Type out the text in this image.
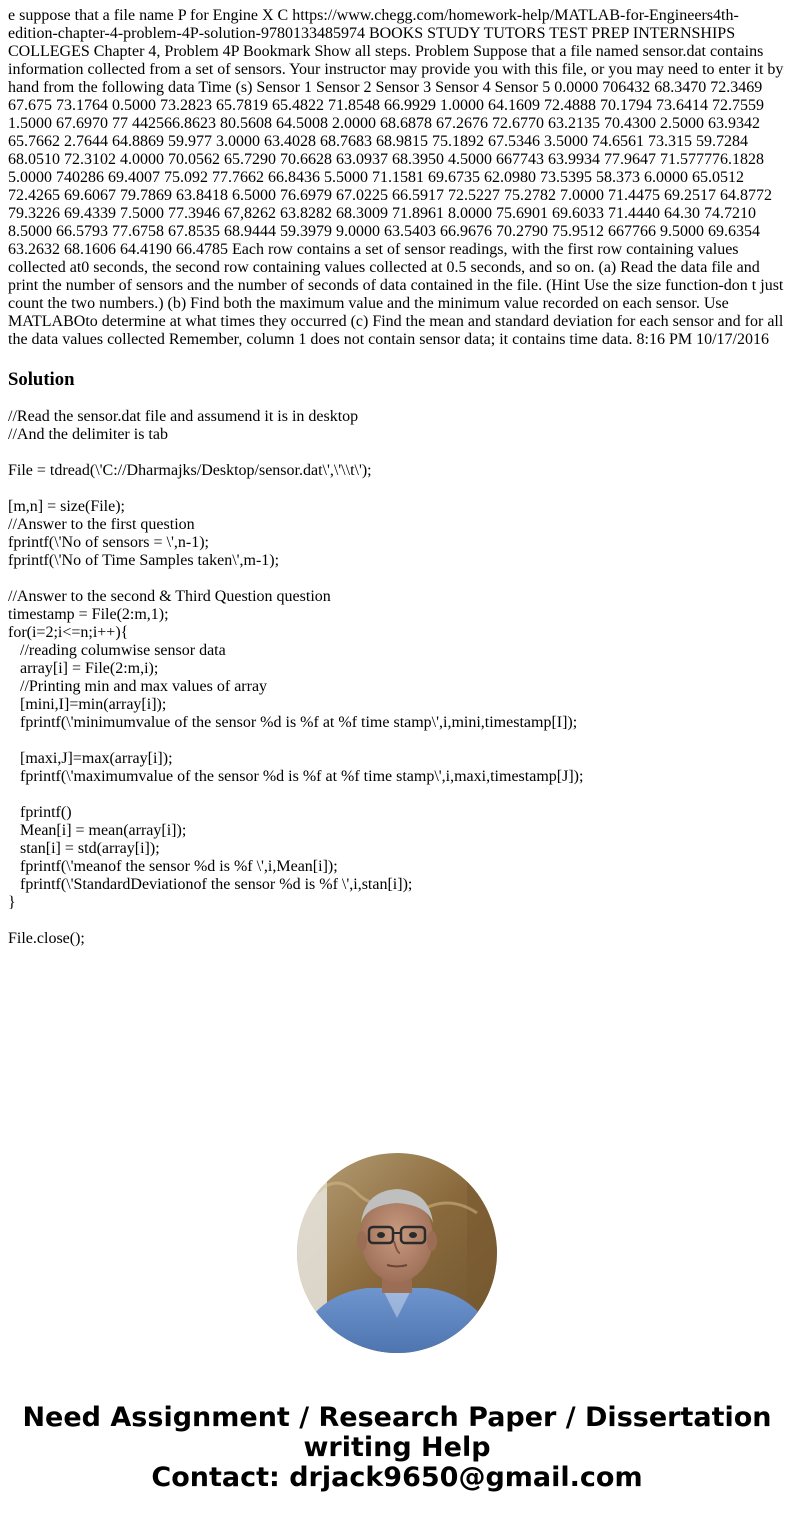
e suppose that a file name P for Engine X C https://www.chegg.com/homework-help/MATLAB-for-Engineers4th-edition-chapter-4-problem-4P-solution-9780133485974 BOOKS STUDY TUTORS TEST PREP INTERNSHIPS COLLEGES Chapter 4, Problem 4P Bookmark Show all steps. Problem Suppose that a file named sensor.dat contains information collected from a set of sensors. Your instructor may provide you with this file, or you may need to enter it by hand from the following data Time (s) Sensor 1 Sensor 2 Sensor 3 Sensor 4 Sensor 5 0.0000 706432 68.3470 72.3469 67.675 73.1764 0.5000 73.2823 65.7819 65.4822 71.8548 66.9929 1.0000 64.1609 72.4888 70.1794 73.6414 72.7559 1.5000 67.6970 77 442566.8623 80.5608 64.5008 2.0000 68.6878 67.2676 72.6770 63.2135 70.4300 2.5000 63.9342 65.7662 2.7644 64.8869 59.977 3.0000 63.4028 68.7683 68.9815 75.1892 67.5346 3.5000 74.6561 73.315 59.7284 68.0510 72.3102 4.0000 70.0562 65.7290 70.6628 63.0937 68.3950 4.5000 667743 63.9934 77.9647 71.577776.1828 5.0000 740286 69.4007 75.092 77.7662 66.8436 5.5000 71.1581 69.6735 62.0980 73.5395 58.373 6.0000 65.0512 72.4265 69.6067 79.7869 63.8418 6.5000 76.6979 67.0225 66.5917 72.5227 75.2782 7.0000 71.4475 69.2517 64.8772 79.3226 69.4339 7.5000 77.3946 67,8262 63.8282 68.3009 71.8961 8.0000 75.6901 69.6033 71.4440 64.30 74.7210 8.5000 66.5793 77.6758 67.8535 68.9444 59.3979 9.0000 63.5403 66.9676 70.2790 75.9512 667766 9.5000 69.6354 63.2632 68.1606 64.4190 66.4785 Each row contains a set of sensor readings, with the first row containing values collected at0 seconds, the second row containing values collected at 0.5 seconds, and so on. (a) Read the data file and print the number of sensors and the number of seconds of data contained in the file. (Hint Use the size function-don t just count the two numbers.) (b) Find both the maximum value and the minimum value recorded on each sensor. Use MATLABOto determine at what times they occurred (c) Find the mean and standard deviation for each sensor and for all the data values collected Remember, column 1 does not contain sensor data; it contains time data. 8:16 PM 10/17/2016

Solution
//Read the sensor.dat file and assumend it is in desktop
//And the delimiter is tab
File = tdread(\'C://Dharmajks/Desktop/sensor.dat\',\'\\t\');
[m,n] = size(File);
//Answer to the first question
fprintf(\'No of sensors = \',n-1);
fprintf(\'No of Time Samples taken\',m-1);
//Answer to the second & Third Question question
timestamp = File(2:m,1);
for(i=2;i<=n;i++){
//reading columwise sensor data
array[i] = File(2:m,i);
//Printing min and max values of array
[mini,I]=min(array[i]);
fprintf(\'minimumvalue of the sensor %d is %f at %f time stamp\',i,mini,timestamp[I]);
[maxi,J]=max(array[i]);
fprintf(\'maximumvalue of the sensor %d is %f at %f time stamp\',i,maxi,timestamp[J]);
fprintf()
Mean[i] = mean(array[i]);
stan[i] = std(array[i]);
fprintf(\'meanof the sensor %d is %f \',i,Mean[i]);
fprintf(\'StandardDeviationof the sensor %d is %f \',i,stan[i]);
}
File.close();
Need Assignment / Research Paper / Dissertation
writing Help
Contact: drjack9650@gmail.com
